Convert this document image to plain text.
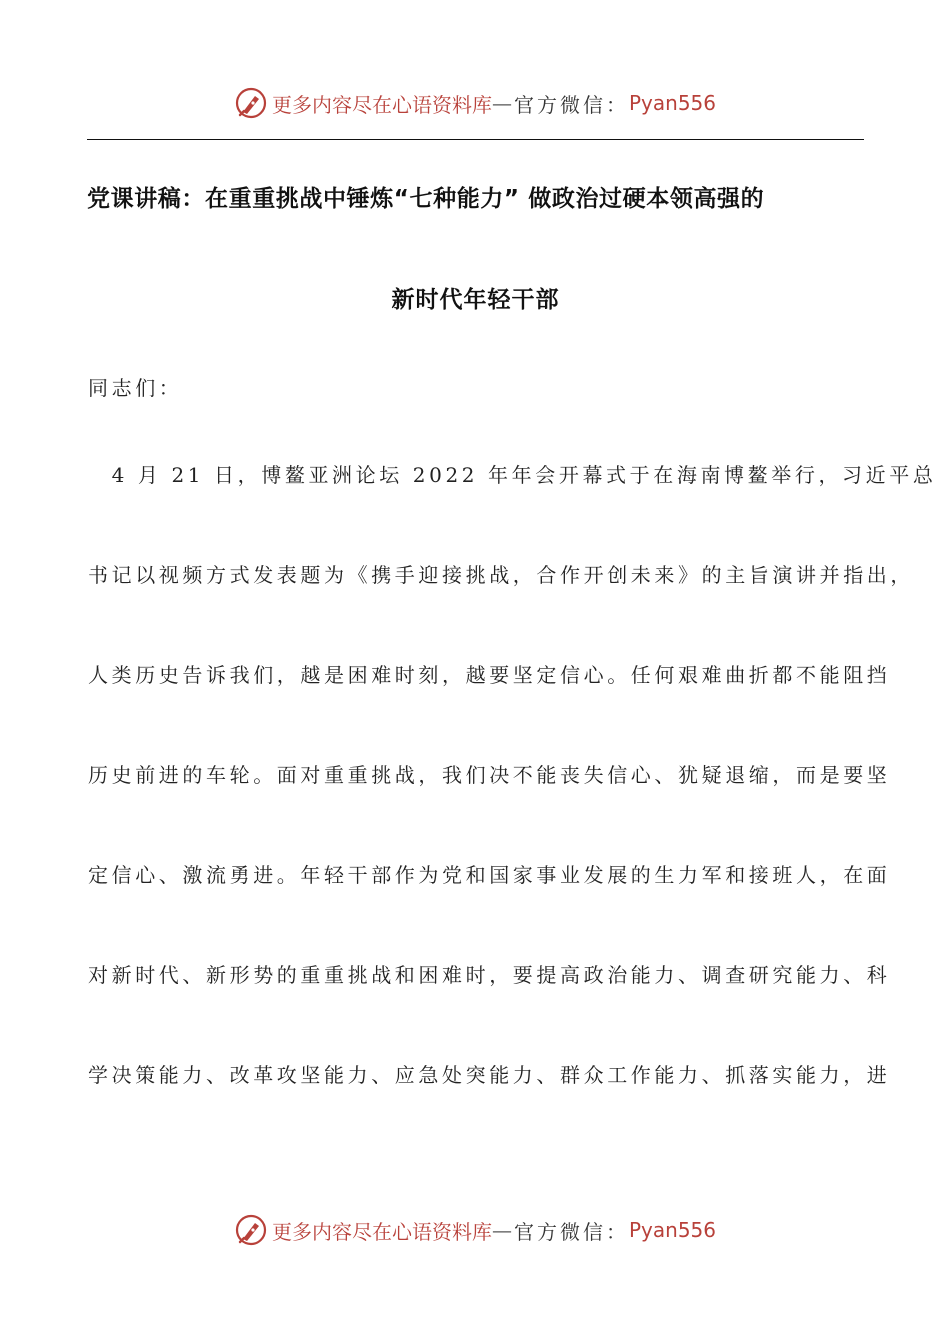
更多内容尽在心语资料库 — 官方微信： Pyan556
党课讲稿：在重重挑战中锤炼“七种能力” 做政治过硬本领高强的
新时代年轻干部
同志们：
　4 月 21 日，博鳌亚洲论坛 2022 年年会开幕式于在海南博鳌举行，习近平总
书记以视频方式发表题为《携手迎接挑战，合作开创未来》的主旨演讲并指出，
人类历史告诉我们，越是困难时刻，越要坚定信心。任何艰难曲折都不能阻挡
历史前进的车轮。面对重重挑战，我们决不能丧失信心、犹疑退缩，而是要坚
定信心、激流勇进。年轻干部作为党和国家事业发展的生力军和接班人，在面
对新时代、新形势的重重挑战和困难时，要提高政治能力、调查研究能力、科
学决策能力、改革攻坚能力、应急处突能力、群众工作能力、抓落实能力，进
更多内容尽在心语资料库 — 官方微信： Pyan556
